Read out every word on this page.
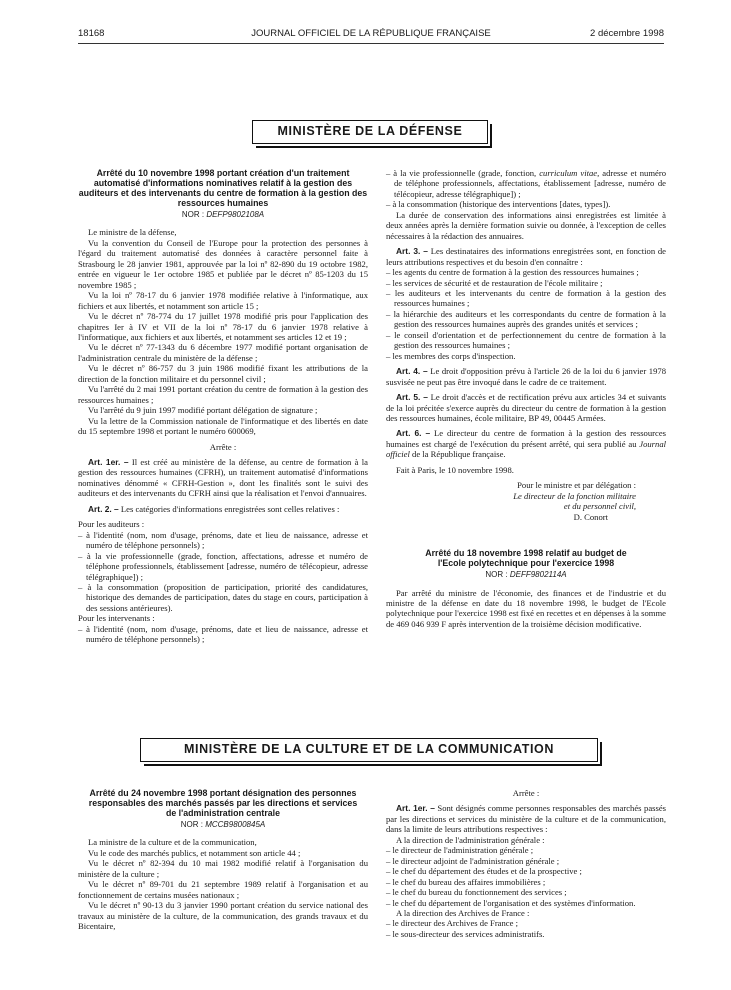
18168	JOURNAL OFFICIEL DE LA RÉPUBLIQUE FRANÇAISE	2 décembre 1998
MINISTÈRE DE LA DÉFENSE

Arrêté du 10 novembre 1998 portant création d'un traitement automatisé d'informations nominatives relatif à la gestion des auditeurs et des intervenants du centre de formation à la gestion des ressources humaines

NOR : DEFP9802108A

Le ministre de la défense,

Vu la convention du Conseil de l'Europe pour la protection des personnes à l'égard du traitement automatisé des données à caractère personnel faite à Strasbourg le 28 janvier 1981, approuvée par la loi nº 82-890 du 19 octobre 1982, entrée en vigueur le 1er octobre 1985 et publiée par le décret nº 85-1203 du 15 novembre 1985 ;

Vu la loi nº 78-17 du 6 janvier 1978 modifiée relative à l'informatique, aux fichiers et aux libertés, et notamment son article 15 ;

Vu le décret nº 78-774 du 17 juillet 1978 modifié pris pour l'application des chapitres Ier à IV et VII de la loi nº 78-17 du 6 janvier 1978 relative à l'informatique, aux fichiers et aux libertés, et notamment ses articles 12 et 19 ;

Vu le décret nº 77-1343 du 6 décembre 1977 modifié portant organisation de l'administration centrale du ministère de la défense ;

Vu le décret nº 86-757 du 3 juin 1986 modifié fixant les attributions de la direction de la fonction militaire et du personnel civil ;

Vu l'arrêté du 2 mai 1991 portant création du centre de formation à la gestion des ressources humaines ;

Vu l'arrêté du 9 juin 1997 modifié portant délégation de signature ;

Vu la lettre de la Commission nationale de l'informatique et des libertés en date du 15 septembre 1998 et portant le numéro 600069,

Arrête :

Art. 1er. – Il est créé au ministère de la défense, au centre de formation à la gestion des ressources humaines (CFRH), un traitement automatisé d'informations nominatives dénommé « CFRH-Gestion », dont les finalités sont le suivi des auditeurs et des intervenants du CFRH ainsi que la réalisation et l'envoi d'annuaires.

Art. 2. – Les catégories d'informations enregistrées sont celles relatives :

Pour les auditeurs :

– à l'identité (nom, nom d'usage, prénoms, date et lieu de naissance, adresse et numéro de téléphone personnels) ;

– à la vie professionnelle (grade, fonction, affectations, adresse et numéro de téléphone professionnels, établissement [adresse, numéro de télécopieur, adresse télégraphique]) ;

– à la consommation (proposition de participation, priorité des candidatures, historique des demandes de participation, dates du stage en cours, participation à des sessions antérieures).

Pour les intervenants :

– à l'identité (nom, nom d'usage, prénoms, date et lieu de naissance, adresse et numéro de téléphone personnels) ;

– à la vie professionnelle (grade, fonction, curriculum vitae, adresse et numéro de téléphone professionnels, affectations, établissement [adresse, numéro de télécopieur, adresse télégraphique]) ;

– à la consommation (historique des interventions [dates, types]).

La durée de conservation des informations ainsi enregistrées est limitée à deux années après la dernière formation suivie ou donnée, à l'exception de celles nécessaires à la rédaction des annuaires.

Art. 3. – Les destinataires des informations enregistrées sont, en fonction de leurs attributions respectives et du besoin d'en connaître :

– les agents du centre de formation à la gestion des ressources humaines ;

– les services de sécurité et de restauration de l'école militaire ;

– les auditeurs et les intervenants du centre de formation à la gestion des ressources humaines ;

– la hiérarchie des auditeurs et les correspondants du centre de formation à la gestion des ressources humaines auprès des grandes unités et services ;

– le conseil d'orientation et de perfectionnement du centre de formation à la gestion des ressources humaines ;

– les membres des corps d'inspection.

Art. 4. – Le droit d'opposition prévu à l'article 26 de la loi du 6 janvier 1978 susvisée ne peut pas être invoqué dans le cadre de ce traitement.

Art. 5. – Le droit d'accès et de rectification prévu aux articles 34 et suivants de la loi précitée s'exerce auprès du directeur du centre de formation à la gestion des ressources humaines, école militaire, BP 49, 00445 Armées.

Art. 6. – Le directeur du centre de formation à la gestion des ressources humaines est chargé de l'exécution du présent arrêté, qui sera publié au Journal officiel de la République française.

Fait à Paris, le 10 novembre 1998.

Pour le ministre et par délégation :

Le directeur de la fonction militaire

et du personnel civil,

D. Conort

Arrêté du 18 novembre 1998 relatif au budget de l'Ecole polytechnique pour l'exercice 1998

NOR : DEFF9802114A

Par arrêté du ministre de l'économie, des finances et de l'industrie et du ministre de la défense en date du 18 novembre 1998, le budget de l'Ecole polytechnique pour l'exercice 1998 est fixé en recettes et en dépenses à la somme de 469 046 939 F après intervention de la troisième décision modificative.

MINISTÈRE DE LA CULTURE ET DE LA COMMUNICATION

Arrêté du 24 novembre 1998 portant désignation des personnes responsables des marchés passés par les directions et services de l'administration centrale

NOR : MCCB9800845A

La ministre de la culture et de la communication,

Vu le code des marchés publics, et notamment son article 44 ;

Vu le décret nº 82-394 du 10 mai 1982 modifié relatif à l'organisation du ministère de la culture ;

Vu le décret nº 89-701 du 21 septembre 1989 relatif à l'organisation et au fonctionnement de certains musées nationaux ;

Vu le décret nº 90-13 du 3 janvier 1990 portant création du service national des travaux au ministère de la culture, de la communication, des grands travaux et du Bicentaire,

Arrête :

Art. 1er. – Sont désignés comme personnes responsables des marchés passés par les directions et services du ministère de la culture et de la communication, dans la limite de leurs attributions respectives :

A la direction de l'administration générale :

– le directeur de l'administration générale ;

– le directeur adjoint de l'administration générale ;

– le chef du département des études et de la prospective ;

– le chef du bureau des affaires immobilières ;

– le chef du bureau du fonctionnement des services ;

– le chef du département de l'organisation et des systèmes d'information.

A la direction des Archives de France :

– le directeur des Archives de France ;

– le sous-directeur des services administratifs.
